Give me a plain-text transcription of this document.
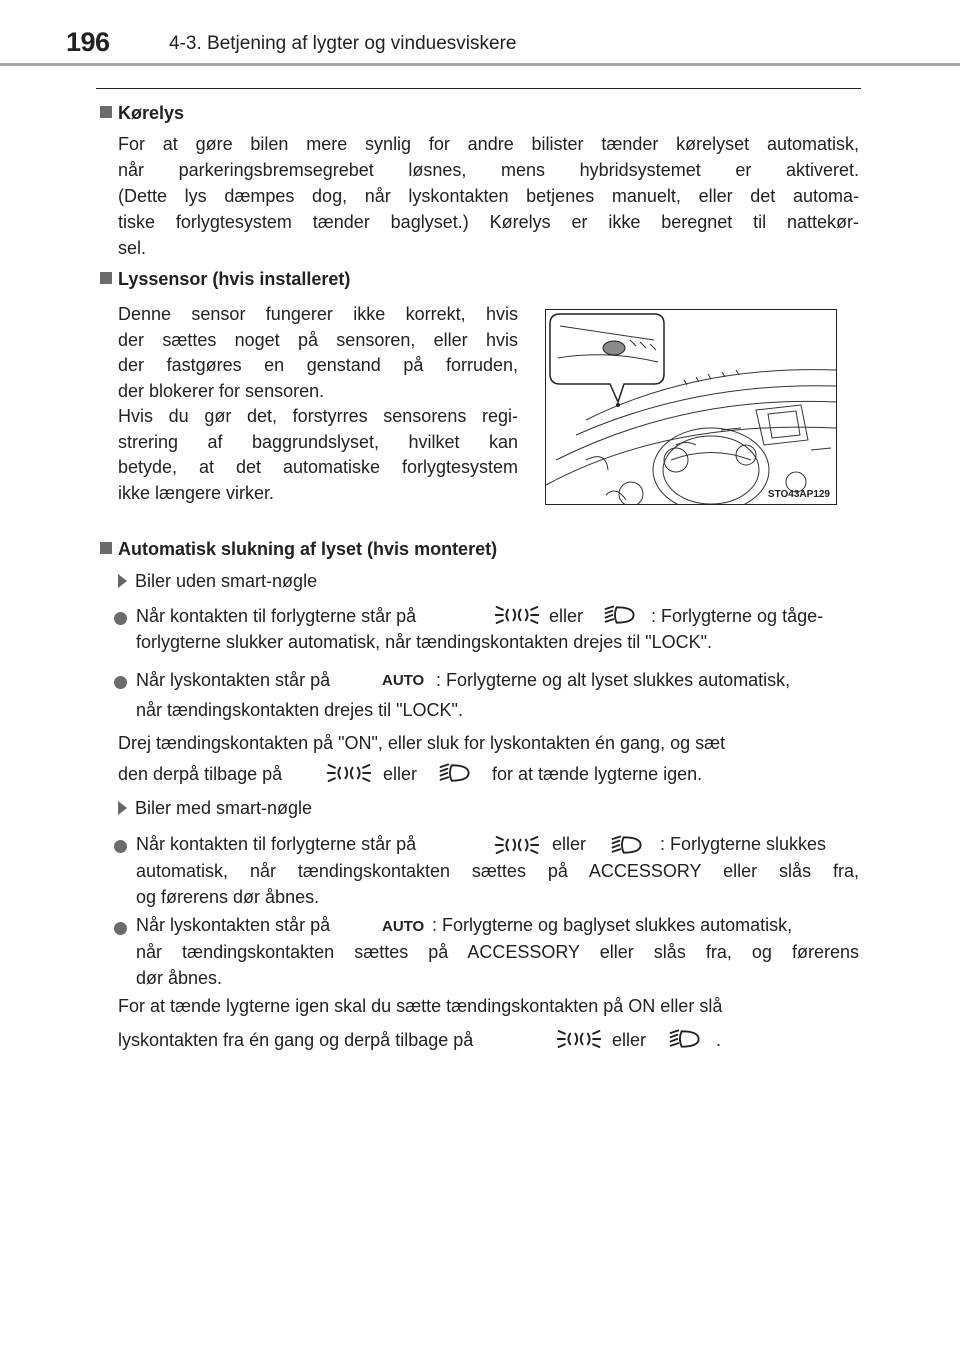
196	4-3. Betjening af lygter og vinduesviskere
Kørelys
For at gøre bilen mere synlig for andre bilister tænder kørelyset automatisk,
når parkeringsbremsegrebet løsnes, mens hybridsystemet er aktiveret.
(Dette lys dæmpes dog, når lyskontakten betjenes manuelt, eller det automa-
tiske forlygtesystem tænder baglyset.) Kørelys er ikke beregnet til nattekør-
sel.
Lyssensor (hvis installeret)
Denne sensor fungerer ikke korrekt, hvis
der sættes noget på sensoren, eller hvis
der fastgøres en genstand på forruden,
der blokerer for sensoren.
Hvis du gør det, forstyrres sensorens regi-
strering af baggrundslyset, hvilket kan
betyde, at det automatiske forlygtesystem
ikke længere virker.	STO43AP129
Automatisk slukning af lyset (hvis monteret)
Biler uden smart-nøgle
Når kontakten til forlygterne står på	eller	: Forlygterne og tåge-
forlygterne slukker automatisk, når tændingskontakten drejes til "LOCK".
Når lyskontakten står på	AUTO : Forlygterne og alt lyset slukkes automatisk,
når tændingskontakten drejes til "LOCK".
Drej tændingskontakten på "ON", eller sluk for lyskontakten én gang, og sæt
den derpå tilbage på	eller	for at tænde lygterne igen.
Biler med smart-nøgle
Når kontakten til forlygterne står på	eller	: Forlygterne slukkes
automatisk, når tændingskontakten sættes på ACCESSORY eller slås fra,
og førerens dør åbnes.
Når lyskontakten står på	AUTO : Forlygterne og baglyset slukkes automatisk,
når tændingskontakten sættes på ACCESSORY eller slås fra, og førerens
dør åbnes.
For at tænde lygterne igen skal du sætte tændingskontakten på ON eller slå
lyskontakten fra én gang og derpå tilbage på	eller	.
